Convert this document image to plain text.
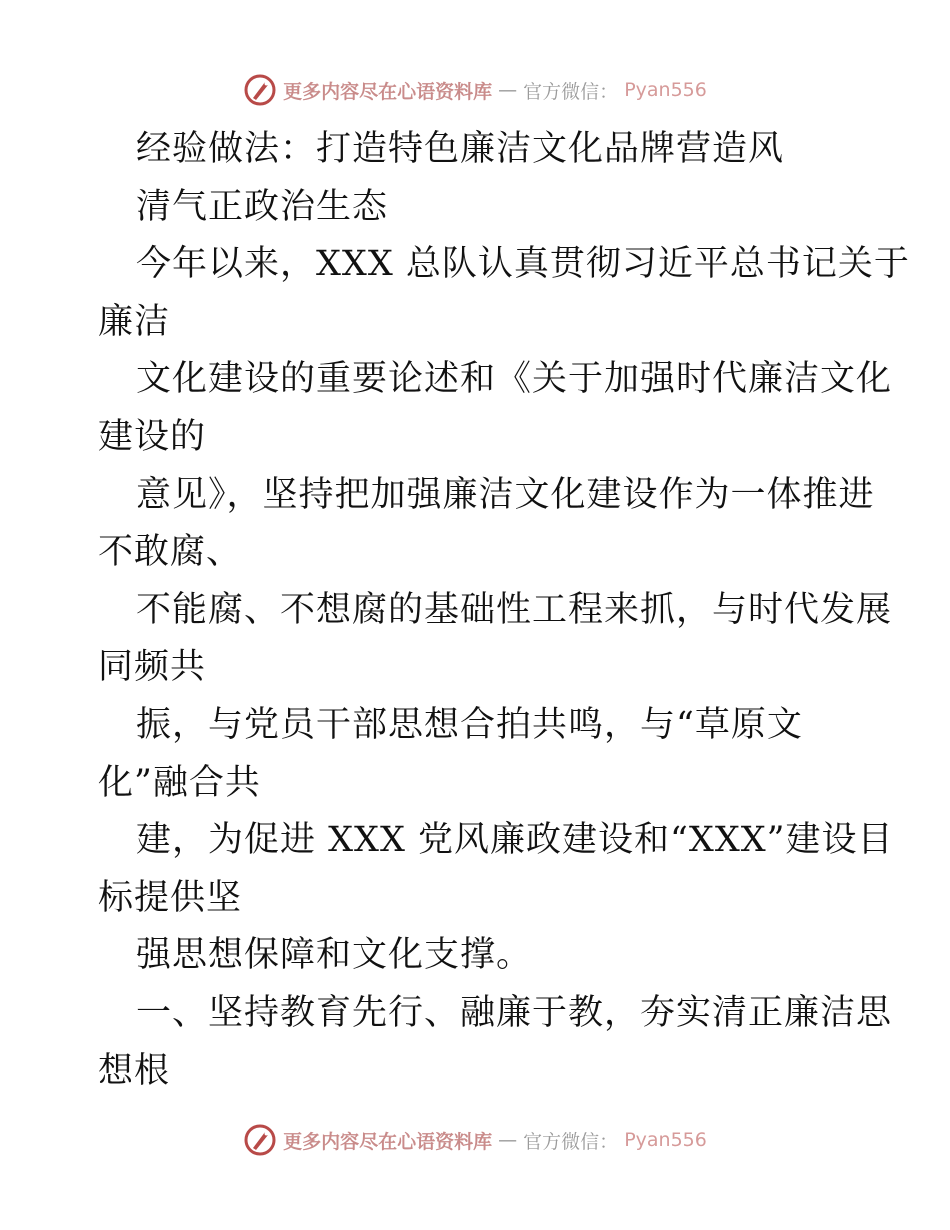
更多内容尽在心语资料库 — 官方微信： Pyan556
经验做法：打造特色廉洁文化品牌营造风
清气正政治生态
今年以来，XXX 总队认真贯彻习近平总书记关于
廉洁
文化建设的重要论述和《关于加强时代廉洁文化
建设的
意见》，坚持把加强廉洁文化建设作为一体推进
不敢腐、
不能腐、不想腐的基础性工程来抓，与时代发展
同频共
振，与党员干部思想合拍共鸣，与“草原文
化”融合共
建，为促进 XXX 党风廉政建设和“XXX”建设目
标提供坚
强思想保障和文化支撑。
一、坚持教育先行、融廉于教，夯实清正廉洁思
想根
更多内容尽在心语资料库 — 官方微信： Pyan556
